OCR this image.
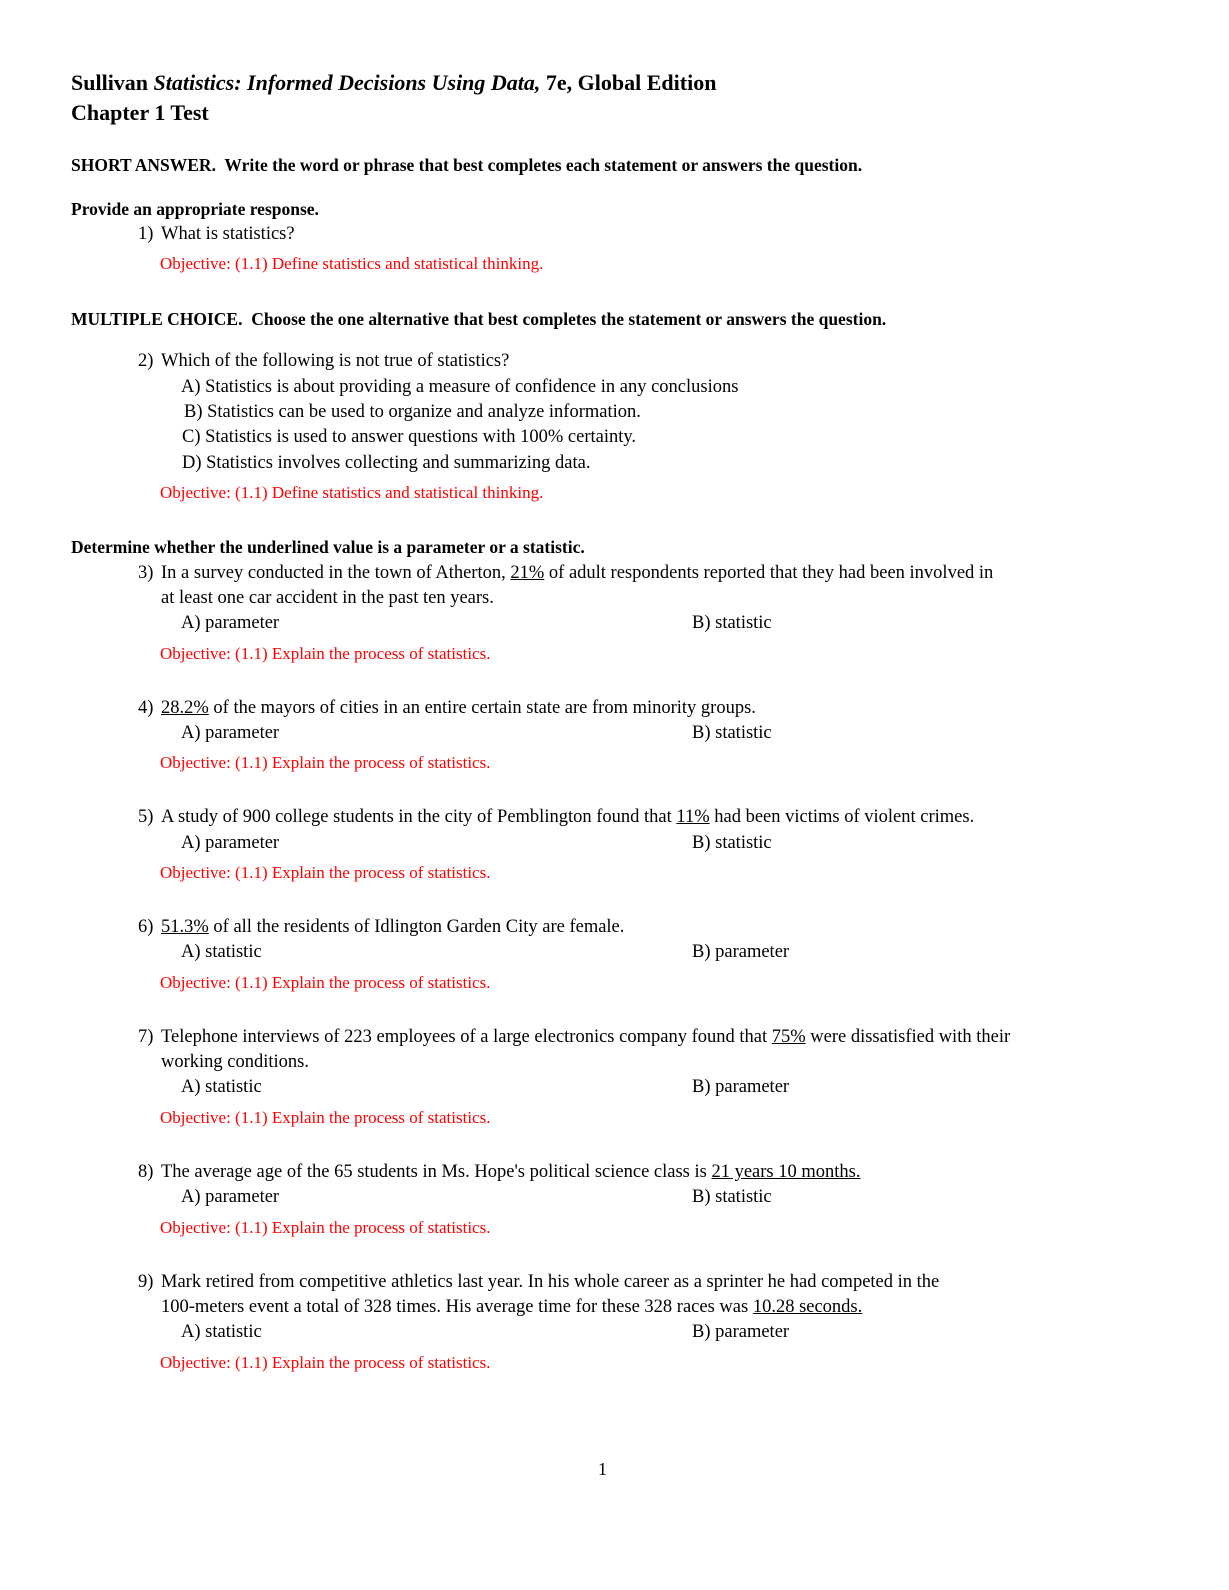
Sullivan Statistics: Informed Decisions Using Data, 7e, Global Edition
Chapter 1 Test
SHORT ANSWER. Write the word or phrase that best completes each statement or answers the question.
Provide an appropriate response.
1) What is statistics?
Objective: (1.1) Define statistics and statistical thinking.
MULTIPLE CHOICE. Choose the one alternative that best completes the statement or answers the question.
2) Which of the following is not true of statistics?
A) Statistics is about providing a measure of confidence in any conclusions
B) Statistics can be used to organize and analyze information.
C) Statistics is used to answer questions with 100% certainty.
D) Statistics involves collecting and summarizing data.
Objective: (1.1) Define statistics and statistical thinking.
Determine whether the underlined value is a parameter or a statistic.
3) In a survey conducted in the town of Atherton, 21% of adult respondents reported that they had been involved in
at least one car accident in the past ten years.
A) parameter	B) statistic
Objective: (1.1) Explain the process of statistics.
4) 28.2% of the mayors of cities in an entire certain state are from minority groups.
A) parameter	B) statistic
Objective: (1.1) Explain the process of statistics.
5) A study of 900 college students in the city of Pemblington found that 11% had been victims of violent crimes.
A) parameter	B) statistic
Objective: (1.1) Explain the process of statistics.
6) 51.3% of all the residents of Idlington Garden City are female.
A) statistic	B) parameter
Objective: (1.1) Explain the process of statistics.
7) Telephone interviews of 223 employees of a large electronics company found that 75% were dissatisfied with their
working conditions.
A) statistic	B) parameter
Objective: (1.1) Explain the process of statistics.
8) The average age of the 65 students in Ms. Hope's political science class is 21 years 10 months.
A) parameter	B) statistic
Objective: (1.1) Explain the process of statistics.
9) Mark retired from competitive athletics last year. In his whole career as a sprinter he had competed in the
100-meters event a total of 328 times. His average time for these 328 races was 10.28 seconds.
A) statistic	B) parameter
Objective: (1.1) Explain the process of statistics.
1
